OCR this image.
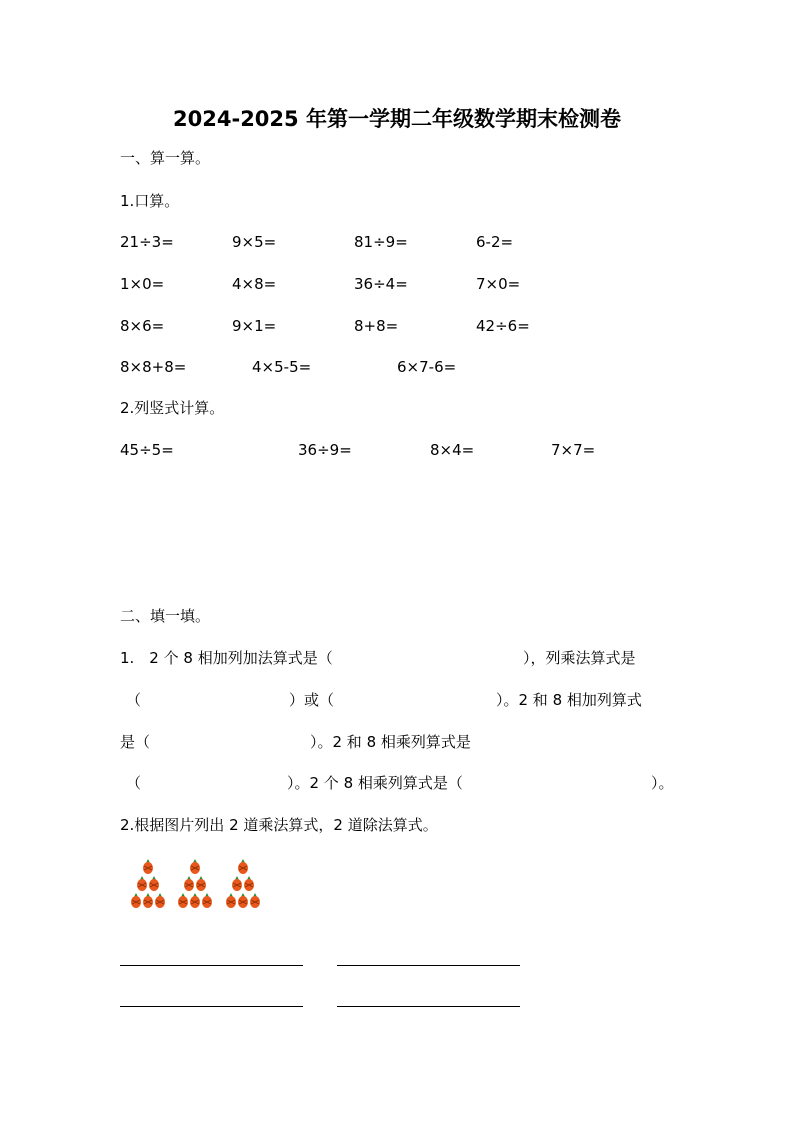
2024-2025 年第一学期二年级数学期末检测卷
一、算一算。
1.口算。
21÷3=	9×5=	81÷9=	6-2=
1×0=	4×8=	36÷4=	7×0=
8×6=	9×1=	8+8=	42÷6=
8×8+8=	4×5-5=	6×7-6=
2.列竖式计算。
45÷5=	36÷9=	8×4=	7×7=
二、填一填。
1.　2 个 8 相加列加法算式是（	），列乘法算式是
（	）或（	）。2 和 8 相加列算式
是（	）。2 和 8 相乘列算式是
（	）。2 个 8 相乘列算式是（	）。
2.根据图片列出 2 道乘法算式，2 道除法算式。
